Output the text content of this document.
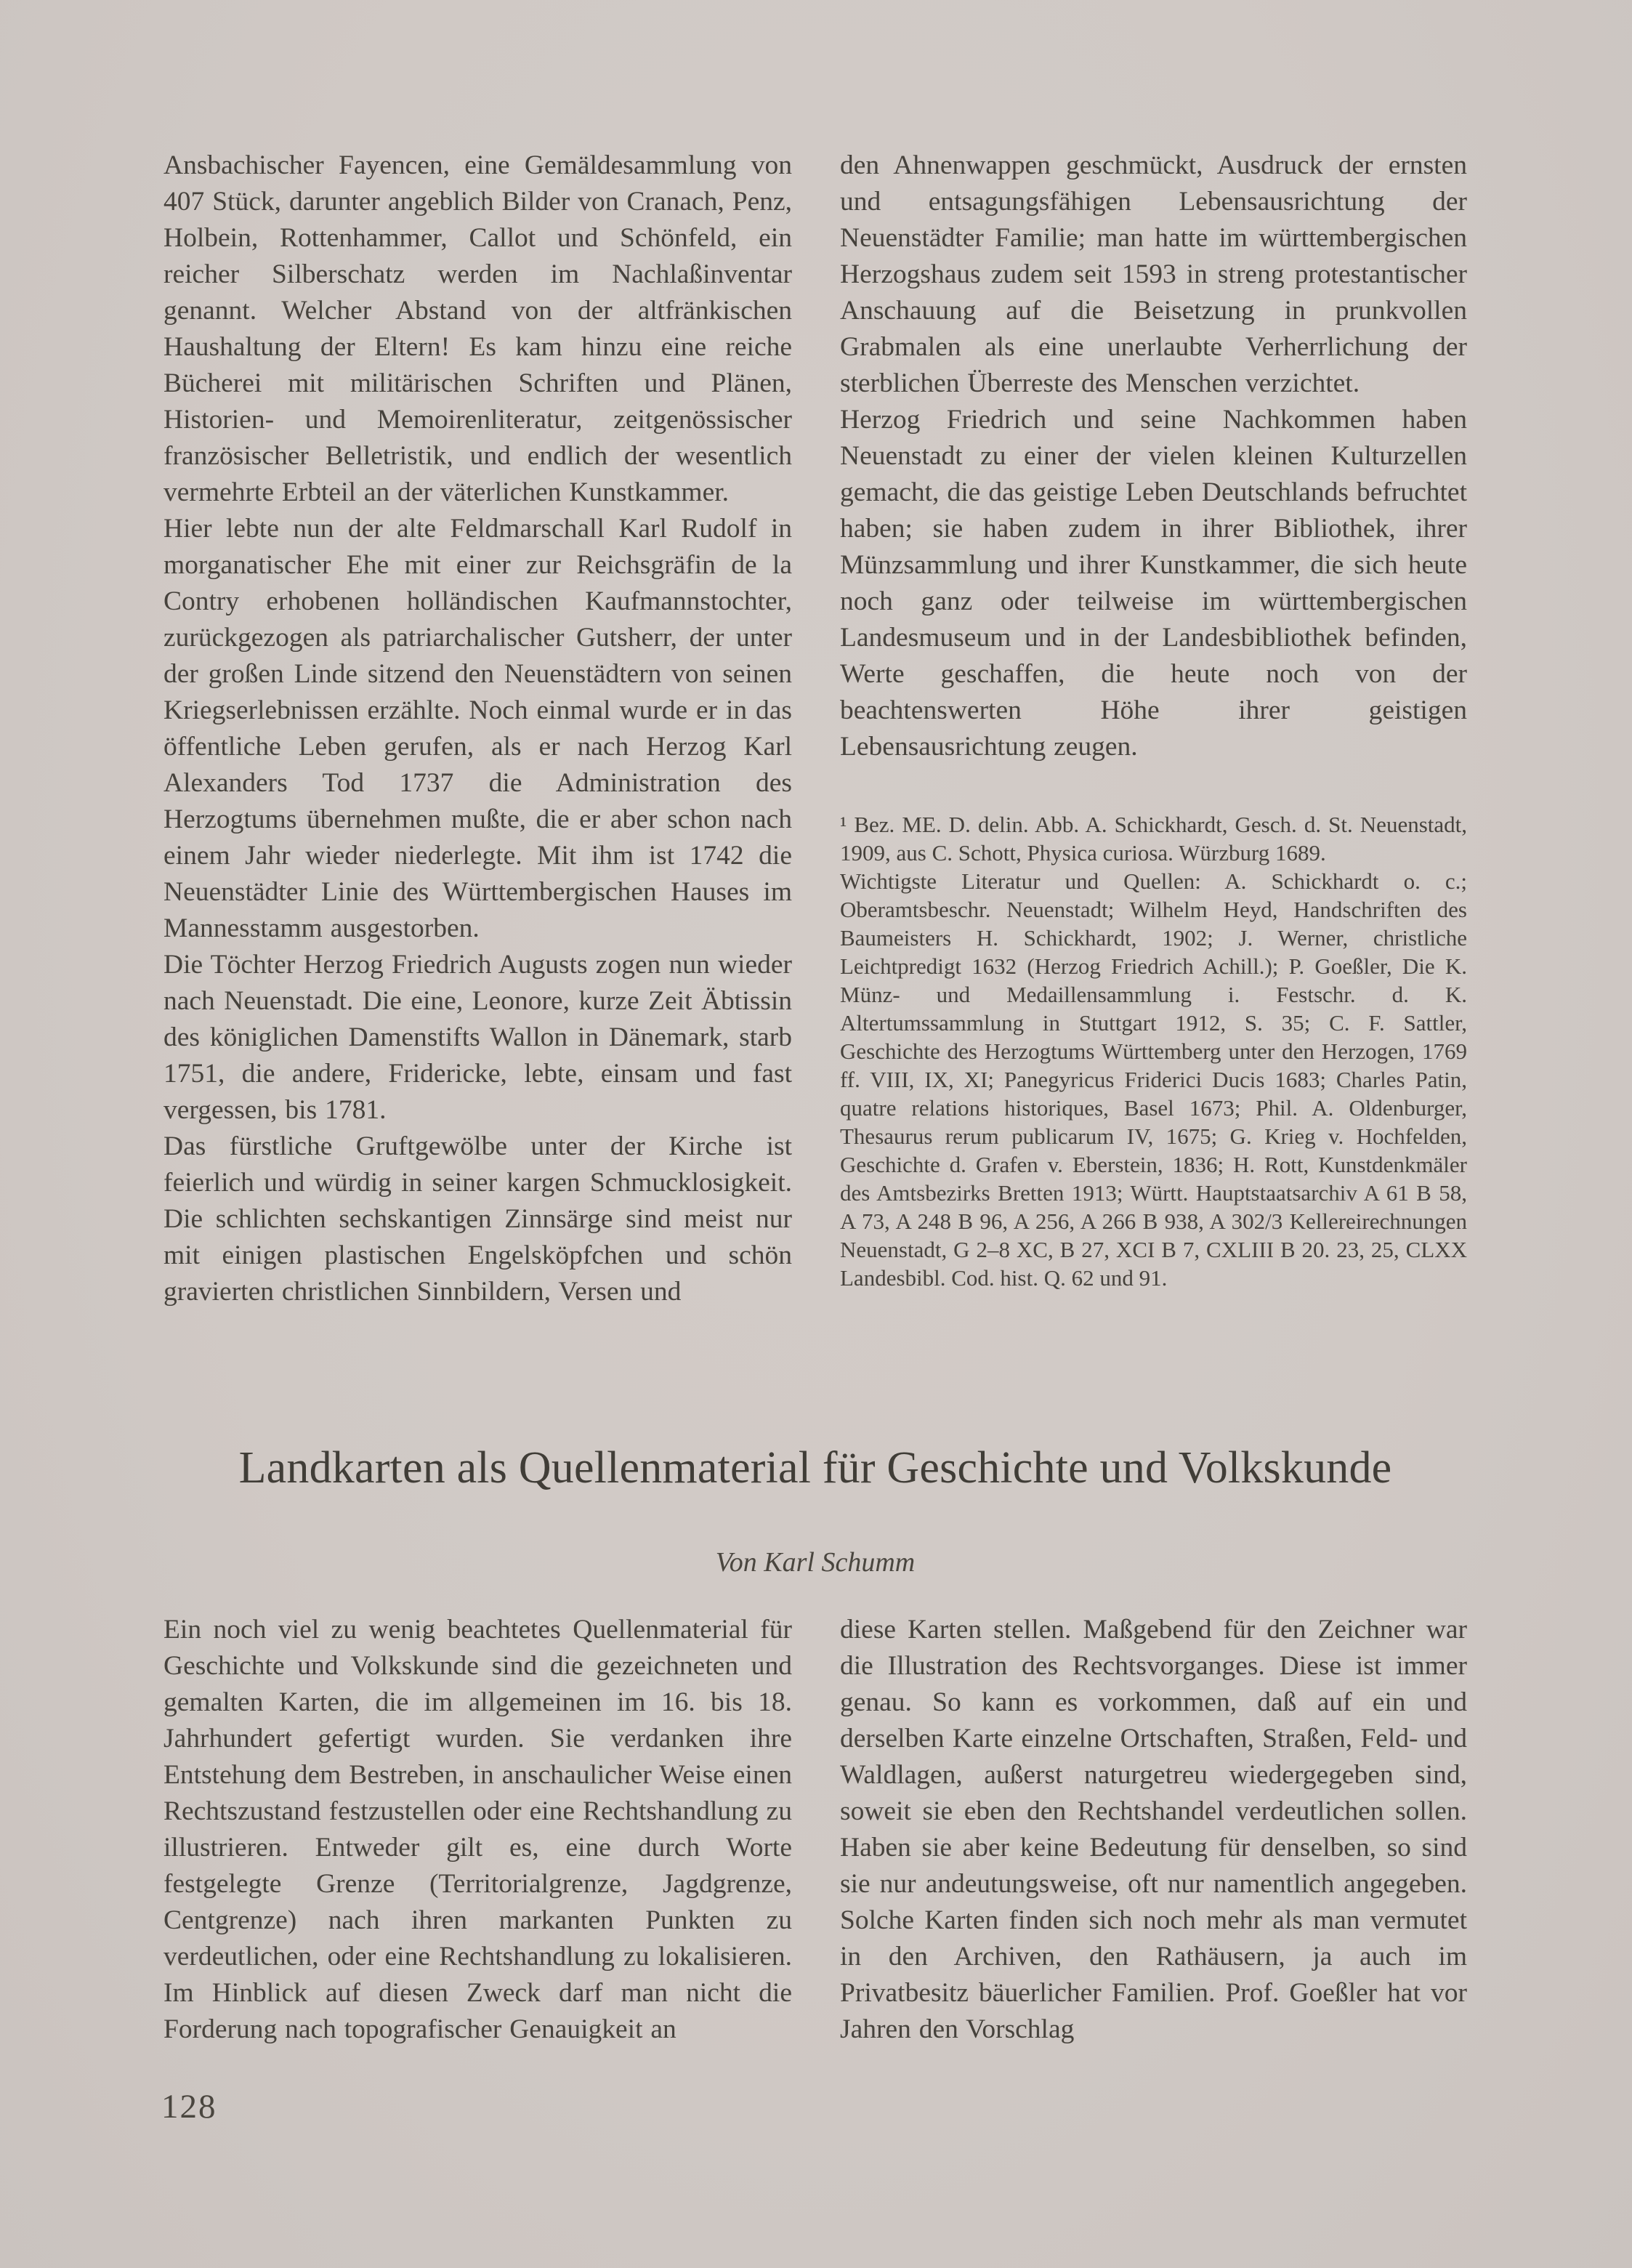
Ansbachischer Fayencen, eine Gemäldesammlung von 407 Stück, darunter angeblich Bilder von Cranach, Penz, Holbein, Rottenhammer, Callot und Schönfeld, ein reicher Silberschatz werden im Nachlaßinventar genannt. Welcher Abstand von der altfränkischen Haushaltung der Eltern! Es kam hinzu eine reiche Bücherei mit militärischen Schriften und Plänen, Historien- und Memoirenliteratur, zeitgenössischer französischer Belletristik, und endlich der wesentlich vermehrte Erbteil an der väterlichen Kunstkammer.

Hier lebte nun der alte Feldmarschall Karl Rudolf in morganatischer Ehe mit einer zur Reichsgräfin de la Contry erhobenen holländischen Kaufmannstochter, zurückgezogen als patriarchalischer Gutsherr, der unter der großen Linde sitzend den Neuenstädtern von seinen Kriegserlebnissen erzählte. Noch einmal wurde er in das öffentliche Leben gerufen, als er nach Herzog Karl Alexanders Tod 1737 die Administration des Herzogtums übernehmen mußte, die er aber schon nach einem Jahr wieder niederlegte. Mit ihm ist 1742 die Neuenstädter Linie des Württembergischen Hauses im Mannesstamm ausgestorben.

Die Töchter Herzog Friedrich Augusts zogen nun wieder nach Neuenstadt. Die eine, Leonore, kurze Zeit Äbtissin des königlichen Damenstifts Wallon in Dänemark, starb 1751, die andere, Fridericke, lebte, einsam und fast vergessen, bis 1781.

Das fürstliche Gruftgewölbe unter der Kirche ist feierlich und würdig in seiner kargen Schmucklosigkeit. Die schlichten sechskantigen Zinnsärge sind meist nur mit einigen plastischen Engelsköpfchen und schön gravierten christlichen Sinnbildern, Versen und

den Ahnenwappen geschmückt, Ausdruck der ernsten und entsagungsfähigen Lebensausrichtung der Neuenstädter Familie; man hatte im württembergischen Herzogshaus zudem seit 1593 in streng protestantischer Anschauung auf die Beisetzung in prunkvollen Grabmalen als eine unerlaubte Verherrlichung der sterblichen Überreste des Menschen verzichtet.

Herzog Friedrich und seine Nachkommen haben Neuenstadt zu einer der vielen kleinen Kulturzellen gemacht, die das geistige Leben Deutschlands befruchtet haben; sie haben zudem in ihrer Bibliothek, ihrer Münzsammlung und ihrer Kunstkammer, die sich heute noch ganz oder teilweise im württembergischen Landesmuseum und in der Landesbibliothek befinden, Werte geschaffen, die heute noch von der beachtenswerten Höhe ihrer geistigen Lebensausrichtung zeugen.

¹ Bez. ME. D. delin. Abb. A. Schickhardt, Gesch. d. St. Neuenstadt, 1909, aus C. Schott, Physica curiosa. Würzburg 1689.

Wichtigste Literatur und Quellen: A. Schickhardt o. c.; Oberamtsbeschr. Neuenstadt; Wilhelm Heyd, Handschriften des Baumeisters H. Schickhardt, 1902; J. Werner, christliche Leichtpredigt 1632 (Herzog Friedrich Achill.); P. Goeßler, Die K. Münz- und Medaillensammlung i. Festschr. d. K. Altertumssammlung in Stuttgart 1912, S. 35; C. F. Sattler, Geschichte des Herzogtums Württemberg unter den Herzogen, 1769 ff. VIII, IX, XI; Panegyricus Friderici Ducis 1683; Charles Patin, quatre relations historiques, Basel 1673; Phil. A. Oldenburger, Thesaurus rerum publicarum IV, 1675; G. Krieg v. Hochfelden, Geschichte d. Grafen v. Eberstein, 1836; H. Rott, Kunstdenkmäler des Amtsbezirks Bretten 1913; Württ. Hauptstaatsarchiv A 61 B 58, A 73, A 248 B 96, A 256, A 266 B 938, A 302/3 Kellereirechnungen Neuenstadt, G 2–8 XC, B 27, XCI B 7, CXLIII B 20. 23, 25, CLXX Landesbibl. Cod. hist. Q. 62 und 91.

Landkarten als Quellenmaterial für Geschichte und Volkskunde
Von Karl Schumm

Ein noch viel zu wenig beachtetes Quellenmaterial für Geschichte und Volkskunde sind die gezeichneten und gemalten Karten, die im allgemeinen im 16. bis 18. Jahrhundert gefertigt wurden. Sie verdanken ihre Entstehung dem Bestreben, in anschaulicher Weise einen Rechtszustand festzustellen oder eine Rechtshandlung zu illustrieren. Entweder gilt es, eine durch Worte festgelegte Grenze (Territorialgrenze, Jagdgrenze, Centgrenze) nach ihren markanten Punkten zu verdeutlichen, oder eine Rechtshandlung zu lokalisieren. Im Hinblick auf diesen Zweck darf man nicht die Forderung nach topografischer Genauigkeit an

diese Karten stellen. Maßgebend für den Zeichner war die Illustration des Rechtsvorganges. Diese ist immer genau. So kann es vorkommen, daß auf ein und derselben Karte einzelne Ortschaften, Straßen, Feld- und Waldlagen, außerst naturgetreu wiedergegeben sind, soweit sie eben den Rechtshandel verdeutlichen sollen. Haben sie aber keine Bedeutung für denselben, so sind sie nur andeutungsweise, oft nur namentlich angegeben. Solche Karten finden sich noch mehr als man vermutet in den Archiven, den Rathäusern, ja auch im Privatbesitz bäuerlicher Familien. Prof. Goeßler hat vor Jahren den Vorschlag

128
